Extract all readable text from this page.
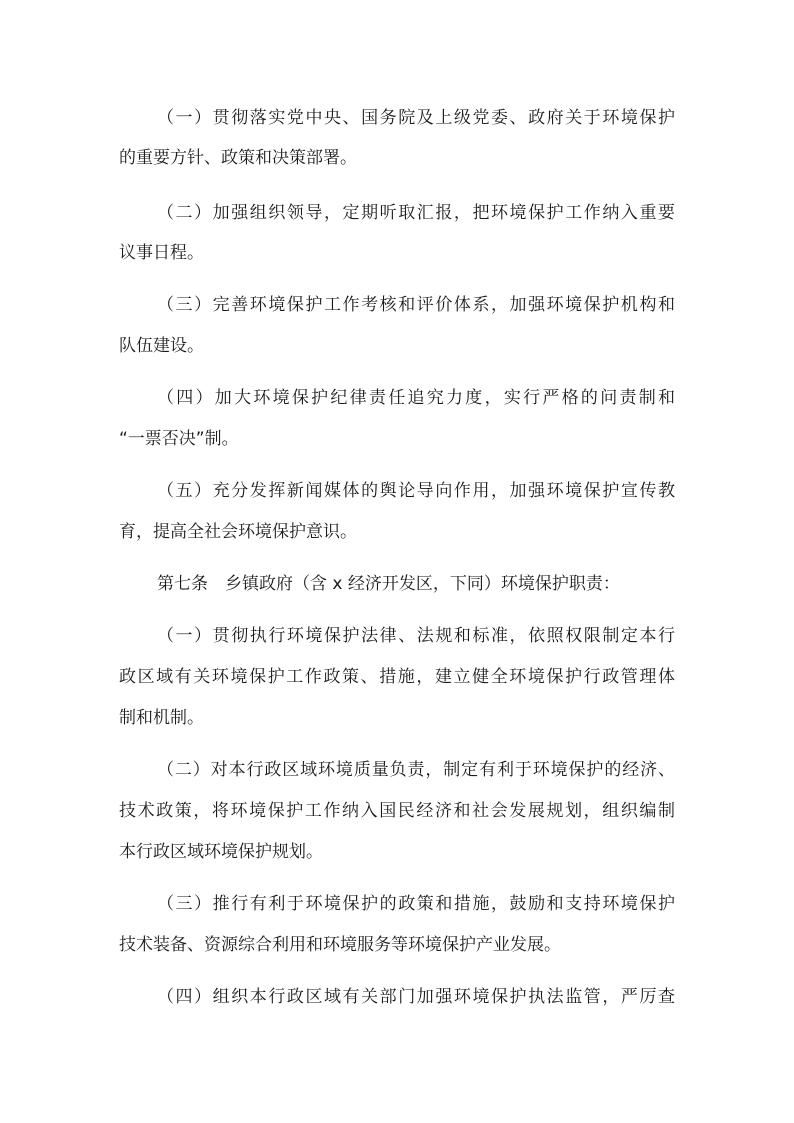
（一）贯彻落实党中央、国务院及上级党委、政府关于环境保护
的重要方针、政策和决策部署。
（二）加强组织领导，定期听取汇报，把环境保护工作纳入重要
议事日程。
（三）完善环境保护工作考核和评价体系，加强环境保护机构和
队伍建设。
（四）加大环境保护纪律责任追究力度，实行严格的问责制和
“一票否决”制。
（五）充分发挥新闻媒体的舆论导向作用，加强环境保护宣传教
育，提高全社会环境保护意识。
第七条　乡镇政府（含 x 经济开发区，下同）环境保护职责：
（一）贯彻执行环境保护法律、法规和标准，依照权限制定本行
政区域有关环境保护工作政策、措施，建立健全环境保护行政管理体
制和机制。
（二）对本行政区域环境质量负责，制定有利于环境保护的经济、
技术政策，将环境保护工作纳入国民经济和社会发展规划，组织编制
本行政区域环境保护规划。
（三）推行有利于环境保护的政策和措施，鼓励和支持环境保护
技术装备、资源综合利用和环境服务等环境保护产业发展。
（四）组织本行政区域有关部门加强环境保护执法监管，严厉查
